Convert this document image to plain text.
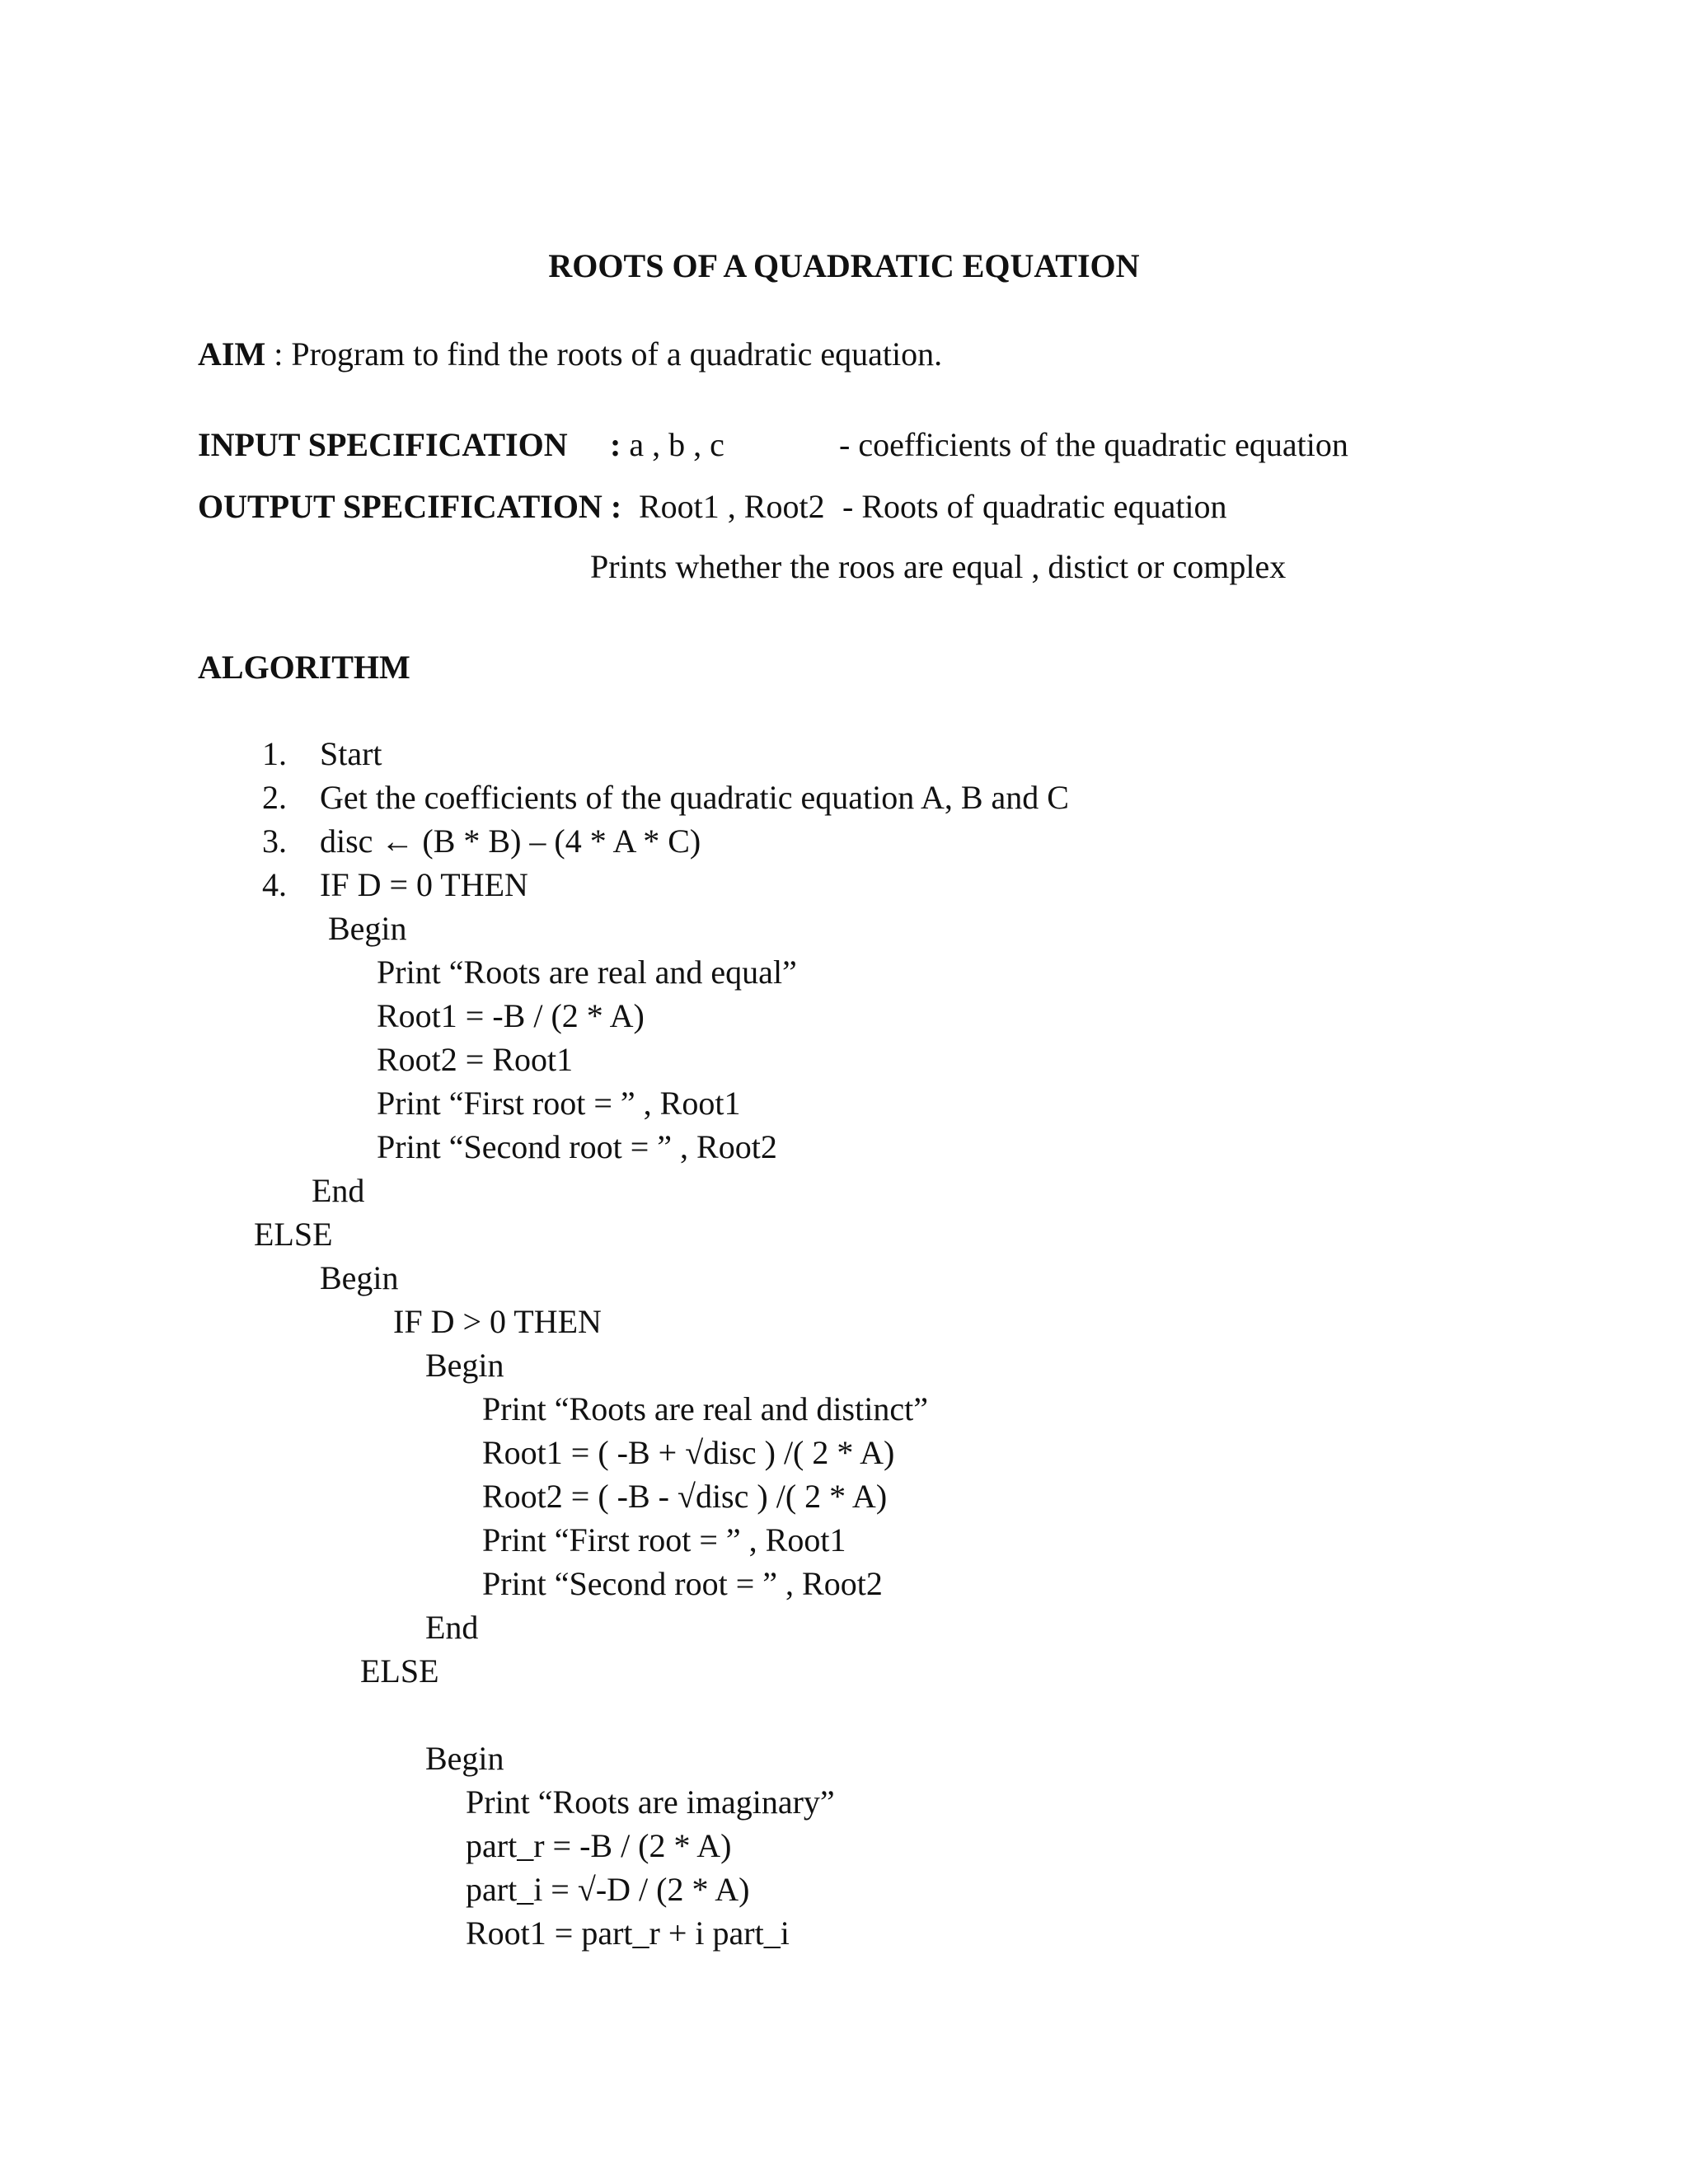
ROOTS OF A QUADRATIC EQUATION
AIM : Program to find the roots of a quadratic equation.
INPUT SPECIFICATION : a , b , c	- coefficients of the quadratic equation
OUTPUT SPECIFICATION : Root1 , Root2 - Roots of quadratic equation
Prints whether the roos are equal , distict or complex
ALGORITHM
1. Start
2. Get the coefficients of the quadratic equation A, B and C
3. disc ← (B * B) – (4 * A * C)
4. IF D = 0 THEN
Begin
Print “Roots are real and equal”
Root1 = -B / (2 * A)
Root2 = Root1
Print “First root = ” , Root1
Print “Second root = ” , Root2
End
ELSE
Begin
IF D > 0 THEN
Begin
Print “Roots are real and distinct”
Root1 = ( -B + √disc ) /( 2 * A)
Root2 = ( -B - √disc ) /( 2 * A)
Print “First root = ” , Root1
Print “Second root = ” , Root2
End
ELSE
Begin
Print “Roots are imaginary”
part_r = -B / (2 * A)
part_i = √-D / (2 * A)
Root1 = part_r + i part_i
